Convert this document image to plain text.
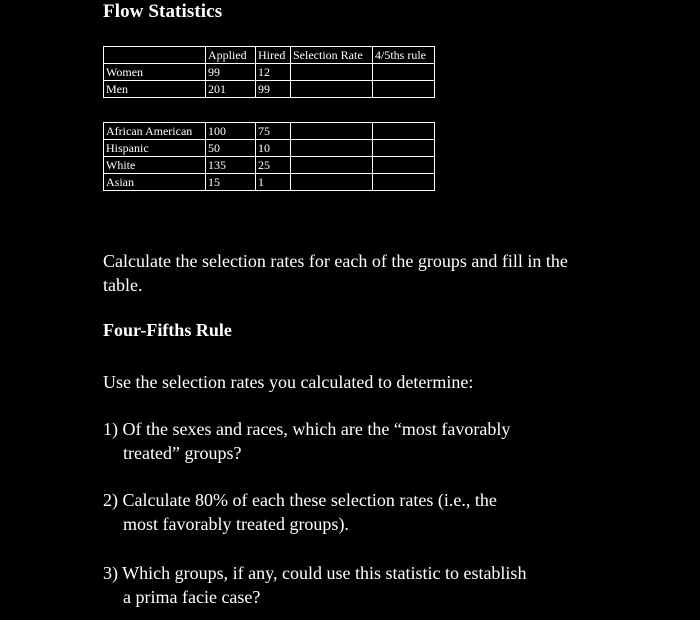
Flow Statistics
	Applied	Hired	Selection Rate	4/5ths rule
Women	99	12		
Men	201	99		
African American	100	75		
Hispanic	50	10		
White	135	25		
Asian	15	1		
Calculate the selection rates for each of the groups and fill in the table.
Four-Fifths Rule
Use the selection rates you calculated to determine:
1) Of the sexes and races, which are the “most favorably
treated” groups?
2) Calculate 80% of each these selection rates (i.e., the
most favorably treated groups).
3) Which groups, if any, could use this statistic to establish
a prima facie case?
